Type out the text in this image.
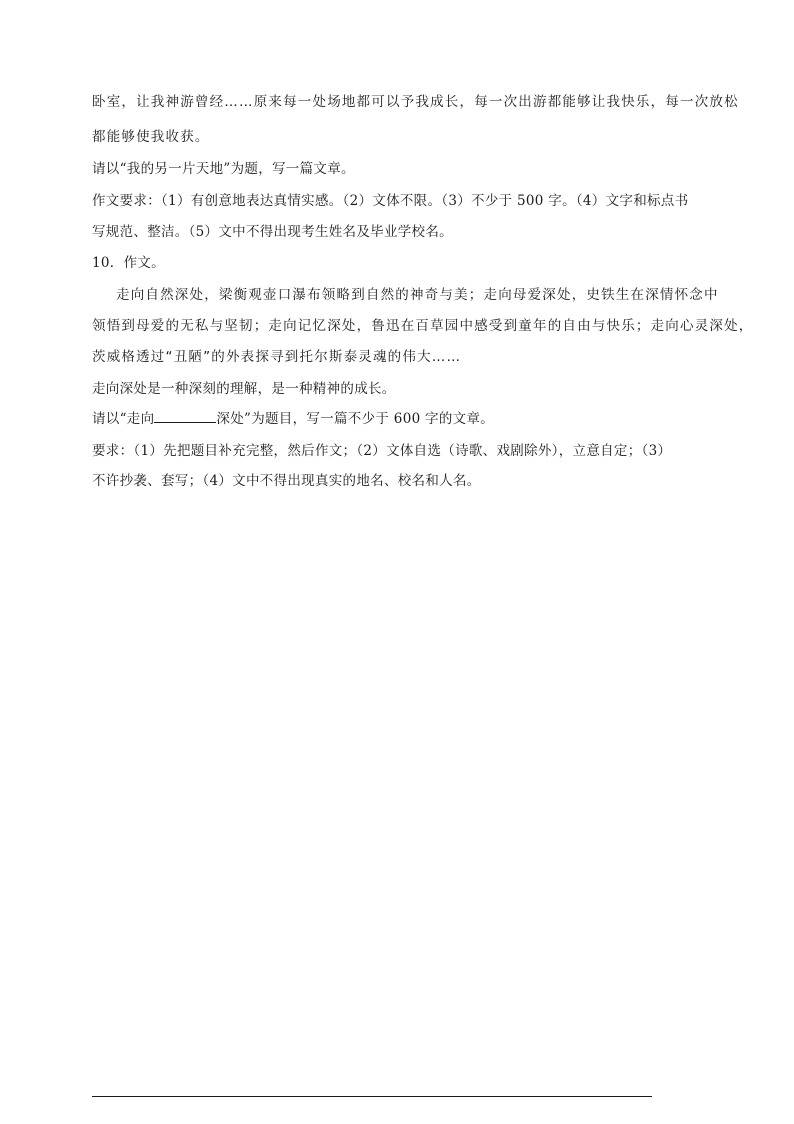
卧室，让我神游曾经……原来每一处场地都可以予我成长，每一次出游都能够让我快乐，每一次放松
都能够使我收获。
请以“我的另一片天地”为题，写一篇文章。
作文要求：（1）有创意地表达真情实感。（2）文体不限。（3）不少于 500 字。（4）文字和标点书
写规范、整洁。（5）文中不得出现考生姓名及毕业学校名。
10．作文。
走向自然深处，梁衡观壶口瀑布领略到自然的神奇与美；走向母爱深处，史铁生在深情怀念中
领悟到母爱的无私与坚韧；走向记忆深处，鲁迅在百草园中感受到童年的自由与快乐；走向心灵深处，
茨威格透过“丑陋”的外表探寻到托尔斯泰灵魂的伟大……
走向深处是一种深刻的理解，是一种精神的成长。
请以“走向	深处”为题目，写一篇不少于 600 字的文章。
要求：（1）先把题目补充完整，然后作文；（2）文体自选（诗歌、戏剧除外），立意自定；（3）
不许抄袭、套写；（4）文中不得出现真实的地名、校名和人名。
